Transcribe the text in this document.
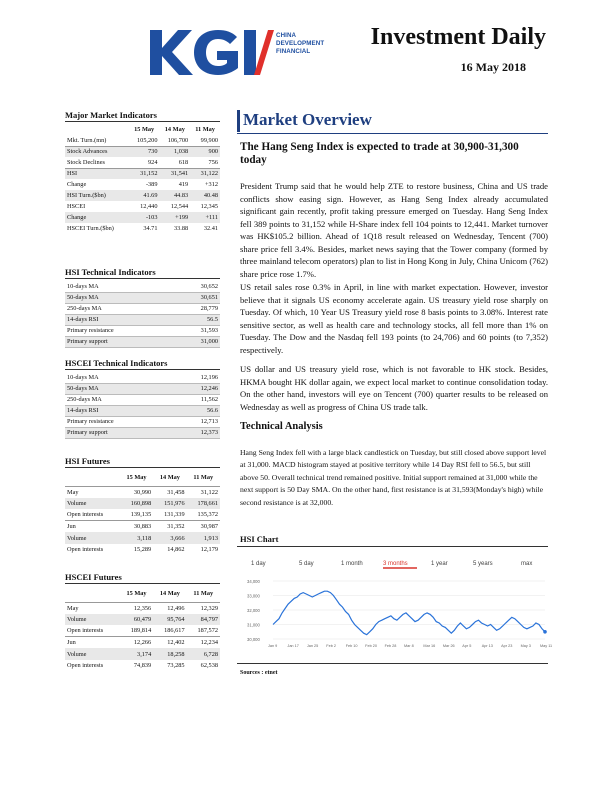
CHINA
DEVELOPMENT
FINANCIAL
Investment Daily
16 May 2018
Major Market Indicators
	15 May	14 May	11 May
Mkt. Turn.(mn)	105,200	106,700	99,900
Stock Advances	730	1,038	900
Stock Declines	924	618	756
HSI	31,152	31,541	31,122
Change	-389	419	+312
HSI Turn.($bn)	41.69	44.83	40.48
HSCEI	12,440	12,544	12,345
Change	-103	+199	+111
HSCEI Turn.($bn)	34.71	33.88	32.41
HSI Technical Indicators
10-days MA	30,652
50-days MA	30,651
250-days MA	28,779
14-days RSI	56.5
Primary resistance	31,593
Primary support	31,000
HSCEI Technical Indicators
10-days MA	12,196
50-days MA	12,246
250-days MA	11,562
14-days RSI	56.6
Primary resistance	12,713
Primary support	12,373
HSI Futures
	15 May	14 May	11 May
May	30,990	31,458	31,122
Volume	160,898	151,976	178,661
Open interests	139,135	131,339	135,372
Jun	30,883	31,352	30,987
Volume	3,118	3,666	1,913
Open interests	15,289	14,862	12,179
HSCEI Futures
	15 May	14 May	11 May
May	12,356	12,496	12,329
Volume	60,479	95,764	84,797
Open interests	189,814	186,617	187,572
Jun	12,266	12,402	12,234
Volume	3,174	18,258	6,728
Open interests	74,839	73,285	62,538
Market Overview
The Hang Seng Index is expected to trade at 30,900-31,300 today

President Trump said that he would help ZTE to restore business, China and US trade conflicts show easing sign. However, as Hang Seng Index already accumulated significant gain recently, profit taking pressure emerged on Tuesday. Hang Seng Index fell 389 points to 31,152 while H-Share index fell 104 points to 12,441. Market turnover was HK$105.2 billion. Ahead of 1Q18 result released on Wednesday, Tencent (700) share price fell 3.4%. Besides, market news saying that the Tower company (formed by three mainland telecom operators) plan to list in Hong Kong in July, China Unicom (762) share price rose 1.7%.

US retail sales rose 0.3% in April, in line with market expectation. However, investor believe that it signals US economy accelerate again. US treasury yield rose sharply on Tuesday. Of which, 10 Year US Treasury yield rose 8 basis points to 3.08%. Interest rate sensitive sector, as well as health care and technology stocks, all fell more than 1% on Tuesday. The Dow and the Nasdaq fell 193 points (to 24,706) and 60 points (to 7,352) respectively.

US dollar and US treasury yield rose, which is not favorable to HK stock. Besides, HKMA bought HK dollar again, we expect local market to continue consolidation today. On the other hand, investors will eye on Tencent (700) quarter results to be released on Wednesday as well as progress of China US trade talk.

Technical Analysis

Hang Seng Index fell with a large black candlestick on Tuesday, but still closed above support level at 31,000. MACD histogram stayed at positive territory while 14 Day RSI fell to 56.5, but still above 50. Overall technical trend remained positive. Initial support remained at 31,000 while the next support is 50 Day SMA. On the other hand, first resistance is at 31,593(Monday's high) while second resistance is at 32,000.

HSI Chart
1 day	5 day	1 month	3 months	1 year	5 years	max
34,000
33,000
32,000
31,000
30,000
Jan 9	Jan 17 Jan 25 Feb 2	Feb 10 Feb 20 Feb 28 Mar 8	Mar 16 Mar 26 Apr 5	Apr 13 Apr 23 May 3 May 11
Sources : etnet
